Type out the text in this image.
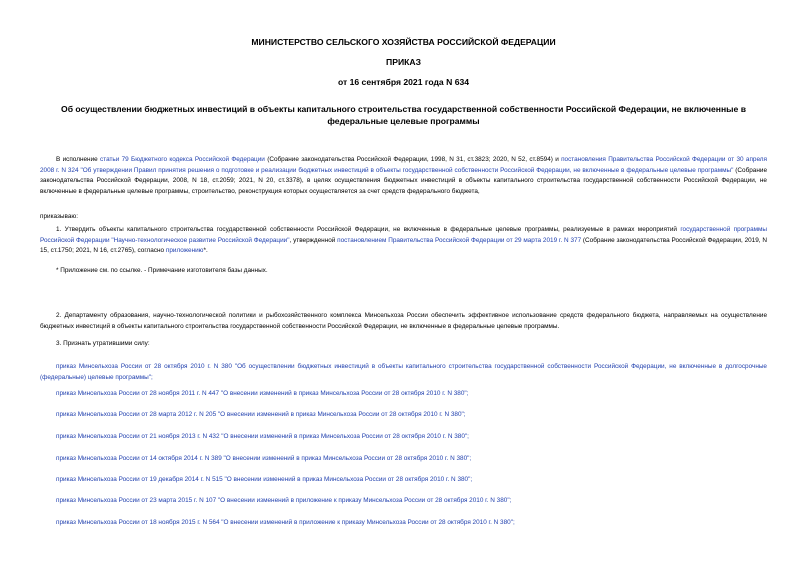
МИНИСТЕРСТВО СЕЛЬСКОГО ХОЗЯЙСТВА РОССИЙСКОЙ ФЕДЕРАЦИИ
ПРИКАЗ
от 16 сентября 2021 года N 634
Об осуществлении бюджетных инвестиций в объекты капитального строительства государственной собственности Российской Федерации, не включенные в федеральные целевые программы
В исполнение статьи 79 Бюджетного кодекса Российской Федерации (Собрание законодательства Российской Федерации, 1998, N 31, ст.3823; 2020, N 52, ст.8594) и постановления Правительства Российской Федерации от 30 апреля 2008 г. N 324 "Об утверждении Правил принятия решения о подготовке и реализации бюджетных инвестиций в объекты государственной собственности Российской Федерации, не включенные в федеральные целевые программы" (Собрание законодательства Российской Федерации, 2008, N 18, ст.2059; 2021, N 20, ст.3378), в целях осуществления бюджетных инвестиций в объекты капитального строительства государственной собственности Российской Федерации, не включенные в федеральные целевые программы, строительство, реконструкция которых осуществляется за счет средств федерального бюджета,
приказываю:
1. Утвердить объекты капитального строительства государственной собственности Российской Федерации, не включенные в федеральные целевые программы, реализуемые в рамках мероприятий государственной программы Российской Федерации "Научно-технологическое развитие Российской Федерации", утвержденной постановлением Правительства Российской Федерации от 29 марта 2019 г. N 377 (Собрание законодательства Российской Федерации, 2019, N 15, ст.1750; 2021, N 16, ст.2765), согласно приложению*.
* Приложение см. по ссылке. - Примечание изготовителя базы данных.
2. Департаменту образования, научно-технологической политики и рыбохозяйственного комплекса Минсельхоза России обеспечить эффективное использование средств федерального бюджета, направляемых на осуществление бюджетных инвестиций в объекты капитального строительства государственной собственности Российской Федерации, не включенные в федеральные целевые программы.
3. Признать утратившими силу:
приказ Минсельхоза России от 28 октября 2010 г. N 380 "Об осуществлении бюджетных инвестиций в объекты капитального строительства государственной собственности Российской Федерации, не включенные в долгосрочные (федеральные) целевые программы";
приказ Минсельхоза России от 28 ноября 2011 г. N 447 "О внесении изменений в приказ Минсельхоза России от 28 октября 2010 г. N 380";
приказ Минсельхоза России от 28 марта 2012 г. N 205 "О внесении изменений в приказ Минсельхоза России от 28 октября 2010 г. N 380";
приказ Минсельхоза России от 21 ноября 2013 г. N 432 "О внесении изменений в приказ Минсельхоза России от 28 октября 2010 г. N 380";
приказ Минсельхоза России от 14 октября 2014 г. N 389 "О внесении изменений в приказ Минсельхоза России от 28 октября 2010 г. N 380";
приказ Минсельхоза России от 19 декабря 2014 г. N 515 "О внесении изменений в приказ Минсельхоза России от 28 октября 2010 г. N 380";
приказ Минсельхоза России от 23 марта 2015 г. N 107 "О внесении изменений в приложение к приказу Минсельхоза России от 28 октября 2010 г. N 380";
приказ Минсельхоза России от 18 ноября 2015 г. N 564 "О внесении изменений в приложение к приказу Минсельхоза России от 28 октября 2010 г. N 380";
